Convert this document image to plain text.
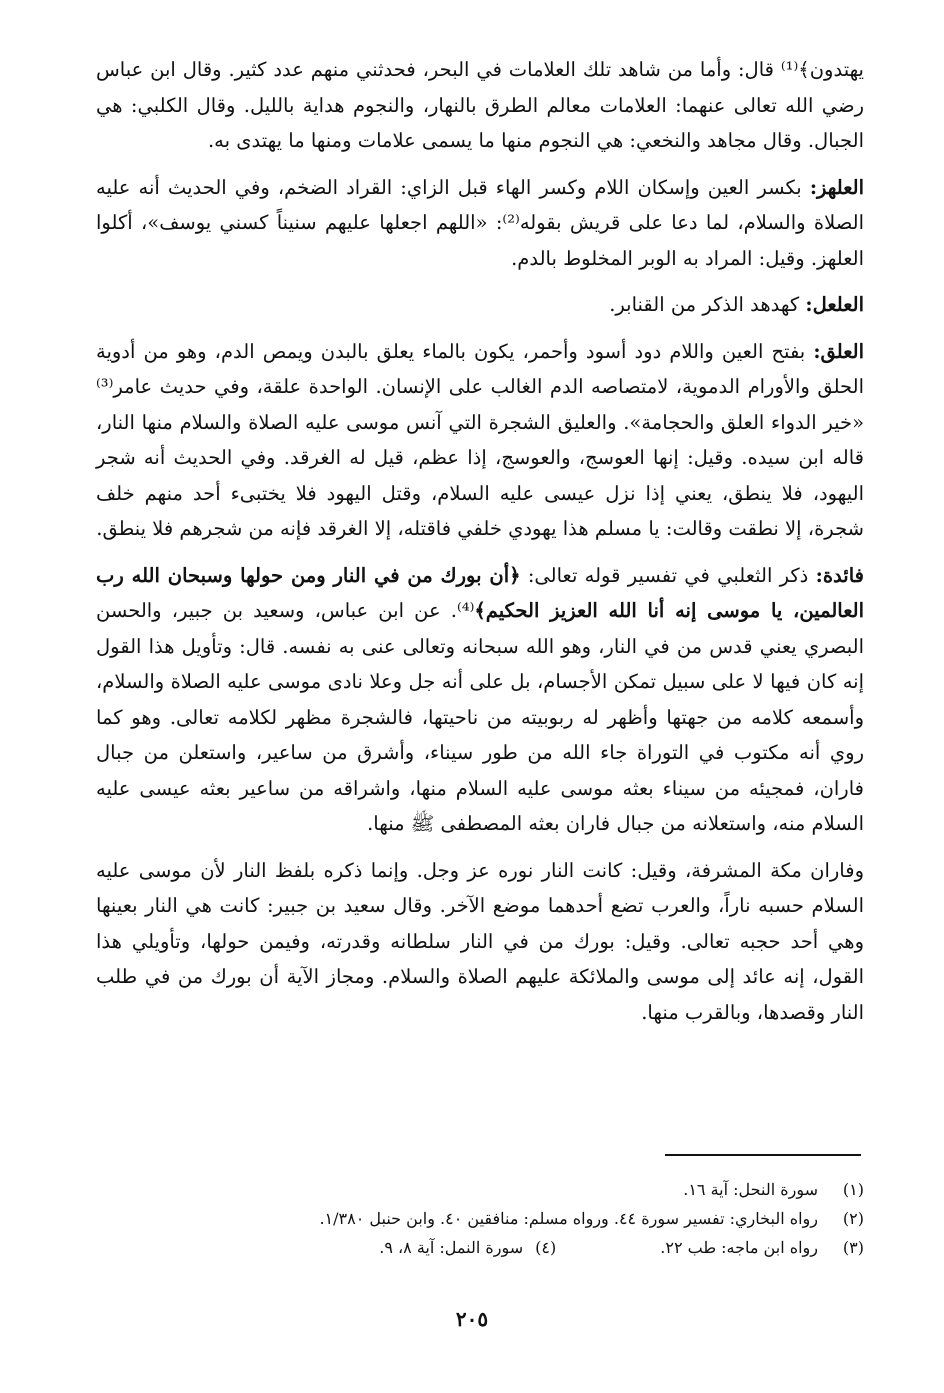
يهتدون﴾⁽¹⁾ قال: وأما من شاهد تلك العلامات في البحر، فحدثني منهم عدد كثير. وقال ابن عباس رضي الله تعالى عنهما: العلامات معالم الطرق بالنهار، والنجوم هداية بالليل. وقال الكلبي: هي الجبال. وقال مجاهد والنخعي: هي النجوم منها ما يسمى علامات ومنها ما يهتدى به.

العلهز: بكسر العين وإسكان اللام وكسر الهاء قبل الزاي: القراد الضخم، وفي الحديث أنه عليه الصلاة والسلام، لما دعا على قريش بقوله⁽²⁾: «اللهم اجعلها عليهم سنيناً كسني يوسف»، أكلوا العلهز. وقيل: المراد به الوبر المخلوط بالدم.

العلعل: كهدهد الذكر من القنابر.

العلق: بفتح العين واللام دود أسود وأحمر، يكون بالماء يعلق بالبدن ويمص الدم، وهو من أدوية الحلق والأورام الدموية، لامتصاصه الدم الغالب على الإنسان. الواحدة علقة، وفي حديث عامر⁽³⁾ «خير الدواء العلق والحجامة». والعليق الشجرة التي آنس موسى عليه الصلاة والسلام منها النار، قاله ابن سيده. وقيل: إنها العوسج، والعوسج، إذا عظم، قيل له الغرقد. وفي الحديث أنه شجر اليهود، فلا ينطق، يعني إذا نزل عيسى عليه السلام، وقتل اليهود فلا يختبىء أحد منهم خلف شجرة، إلا نطقت وقالت: يا مسلم هذا يهودي خلفي فاقتله، إلا الغرقد فإنه من شجرهم فلا ينطق.

فائدة: ذكر الثعلبي في تفسير قوله تعالى: ﴿أن بورك من في النار ومن حولها وسبحان الله رب العالمين، يا موسى إنه أنا الله العزيز الحكيم﴾⁽⁴⁾. عن ابن عباس، وسعيد بن جبير، والحسن البصري يعني قدس من في النار، وهو الله سبحانه وتعالى عنى به نفسه. قال: وتأويل هذا القول إنه كان فيها لا على سبيل تمكن الأجسام، بل على أنه جل وعلا نادى موسى عليه الصلاة والسلام، وأسمعه كلامه من جهتها وأظهر له ربوبيته من ناحيتها، فالشجرة مظهر لكلامه تعالى. وهو كما روي أنه مكتوب في التوراة جاء الله من طور سيناء، وأشرق من ساعير، واستعلن من جبال فاران، فمجيئه من سيناء بعثه موسى عليه السلام منها، واشراقه من ساعير بعثه عيسى عليه السلام منه، واستعلانه من جبال فاران بعثه المصطفى ﷺ منها.

وفاران مكة المشرفة، وقيل: كانت النار نوره عز وجل. وإنما ذكره بلفظ النار لأن موسى عليه السلام حسبه ناراً، والعرب تضع أحدهما موضع الآخر. وقال سعيد بن جبير: كانت هي النار بعينها وهي أحد حجبه تعالى. وقيل: بورك من في النار سلطانه وقدرته، وفيمن حولها، وتأويلي هذا القول، إنه عائد إلى موسى والملائكة عليهم الصلاة والسلام. ومجاز الآية أن بورك من في طلب النار وقصدها، وبالقرب منها.

(١)
سورة النحل: آية ١٦.
(٢)
رواه البخاري: تفسير سورة ٤٤. ورواه مسلم: منافقين ٤٠. وابن حنبل ١/٣٨٠.
(٣)
رواه ابن ماجه: طب ٢٢.
(٤)
سورة النمل: آية ٨، ٩.
٢٠٥
